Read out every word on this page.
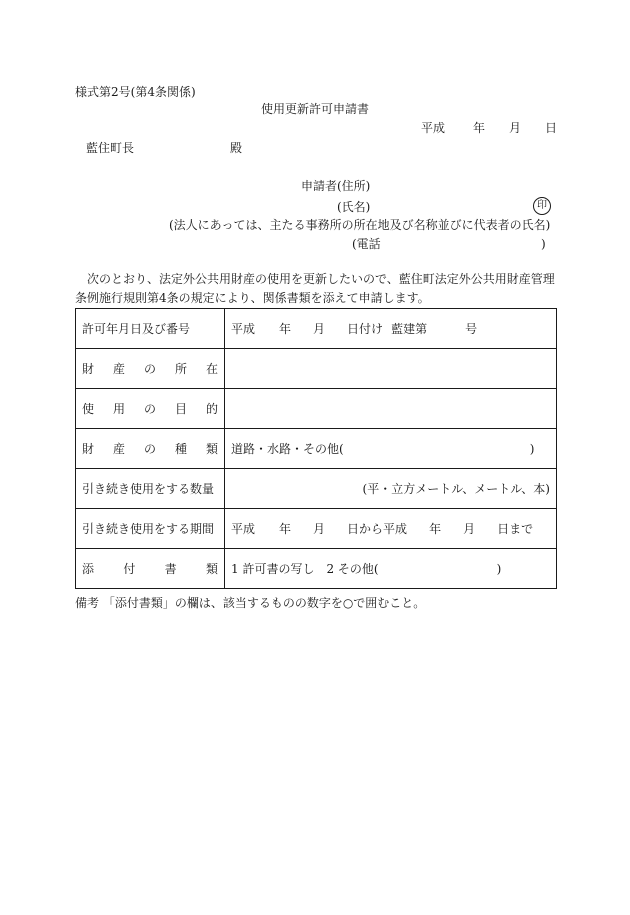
様式第2号(第4条関係)
使用更新許可申請書
平成 年 月 日
藍住町長	殿
申請者(住所)
(氏名)	印
(法人にあっては、主たる事務所の所在地及び名称並びに代表者の氏名)
(電話	)
次のとおり、法定外公共用財産の使用を更新したいので、藍住町法定外公共用財産管理条例施行規則第4条の規定により、関係書類を添えて申請します。
許可年月日及び番号	平成 年 月 日付け 藍建第 号

財 産 の 所 在	

使 用 の 目 的	

財 産 の 種 類	道路・水路・その他( )
引き続き使用をする数量	(平・立方メートル、メートル、本)
引き続き使用をする期間	平成 年 月 日から平成 年 月 日まで

添 付 書 類	1 許可書の写し 2 その他( )
備考 「添付書類」の欄は、該当するものの数字を○で囲むこと。
